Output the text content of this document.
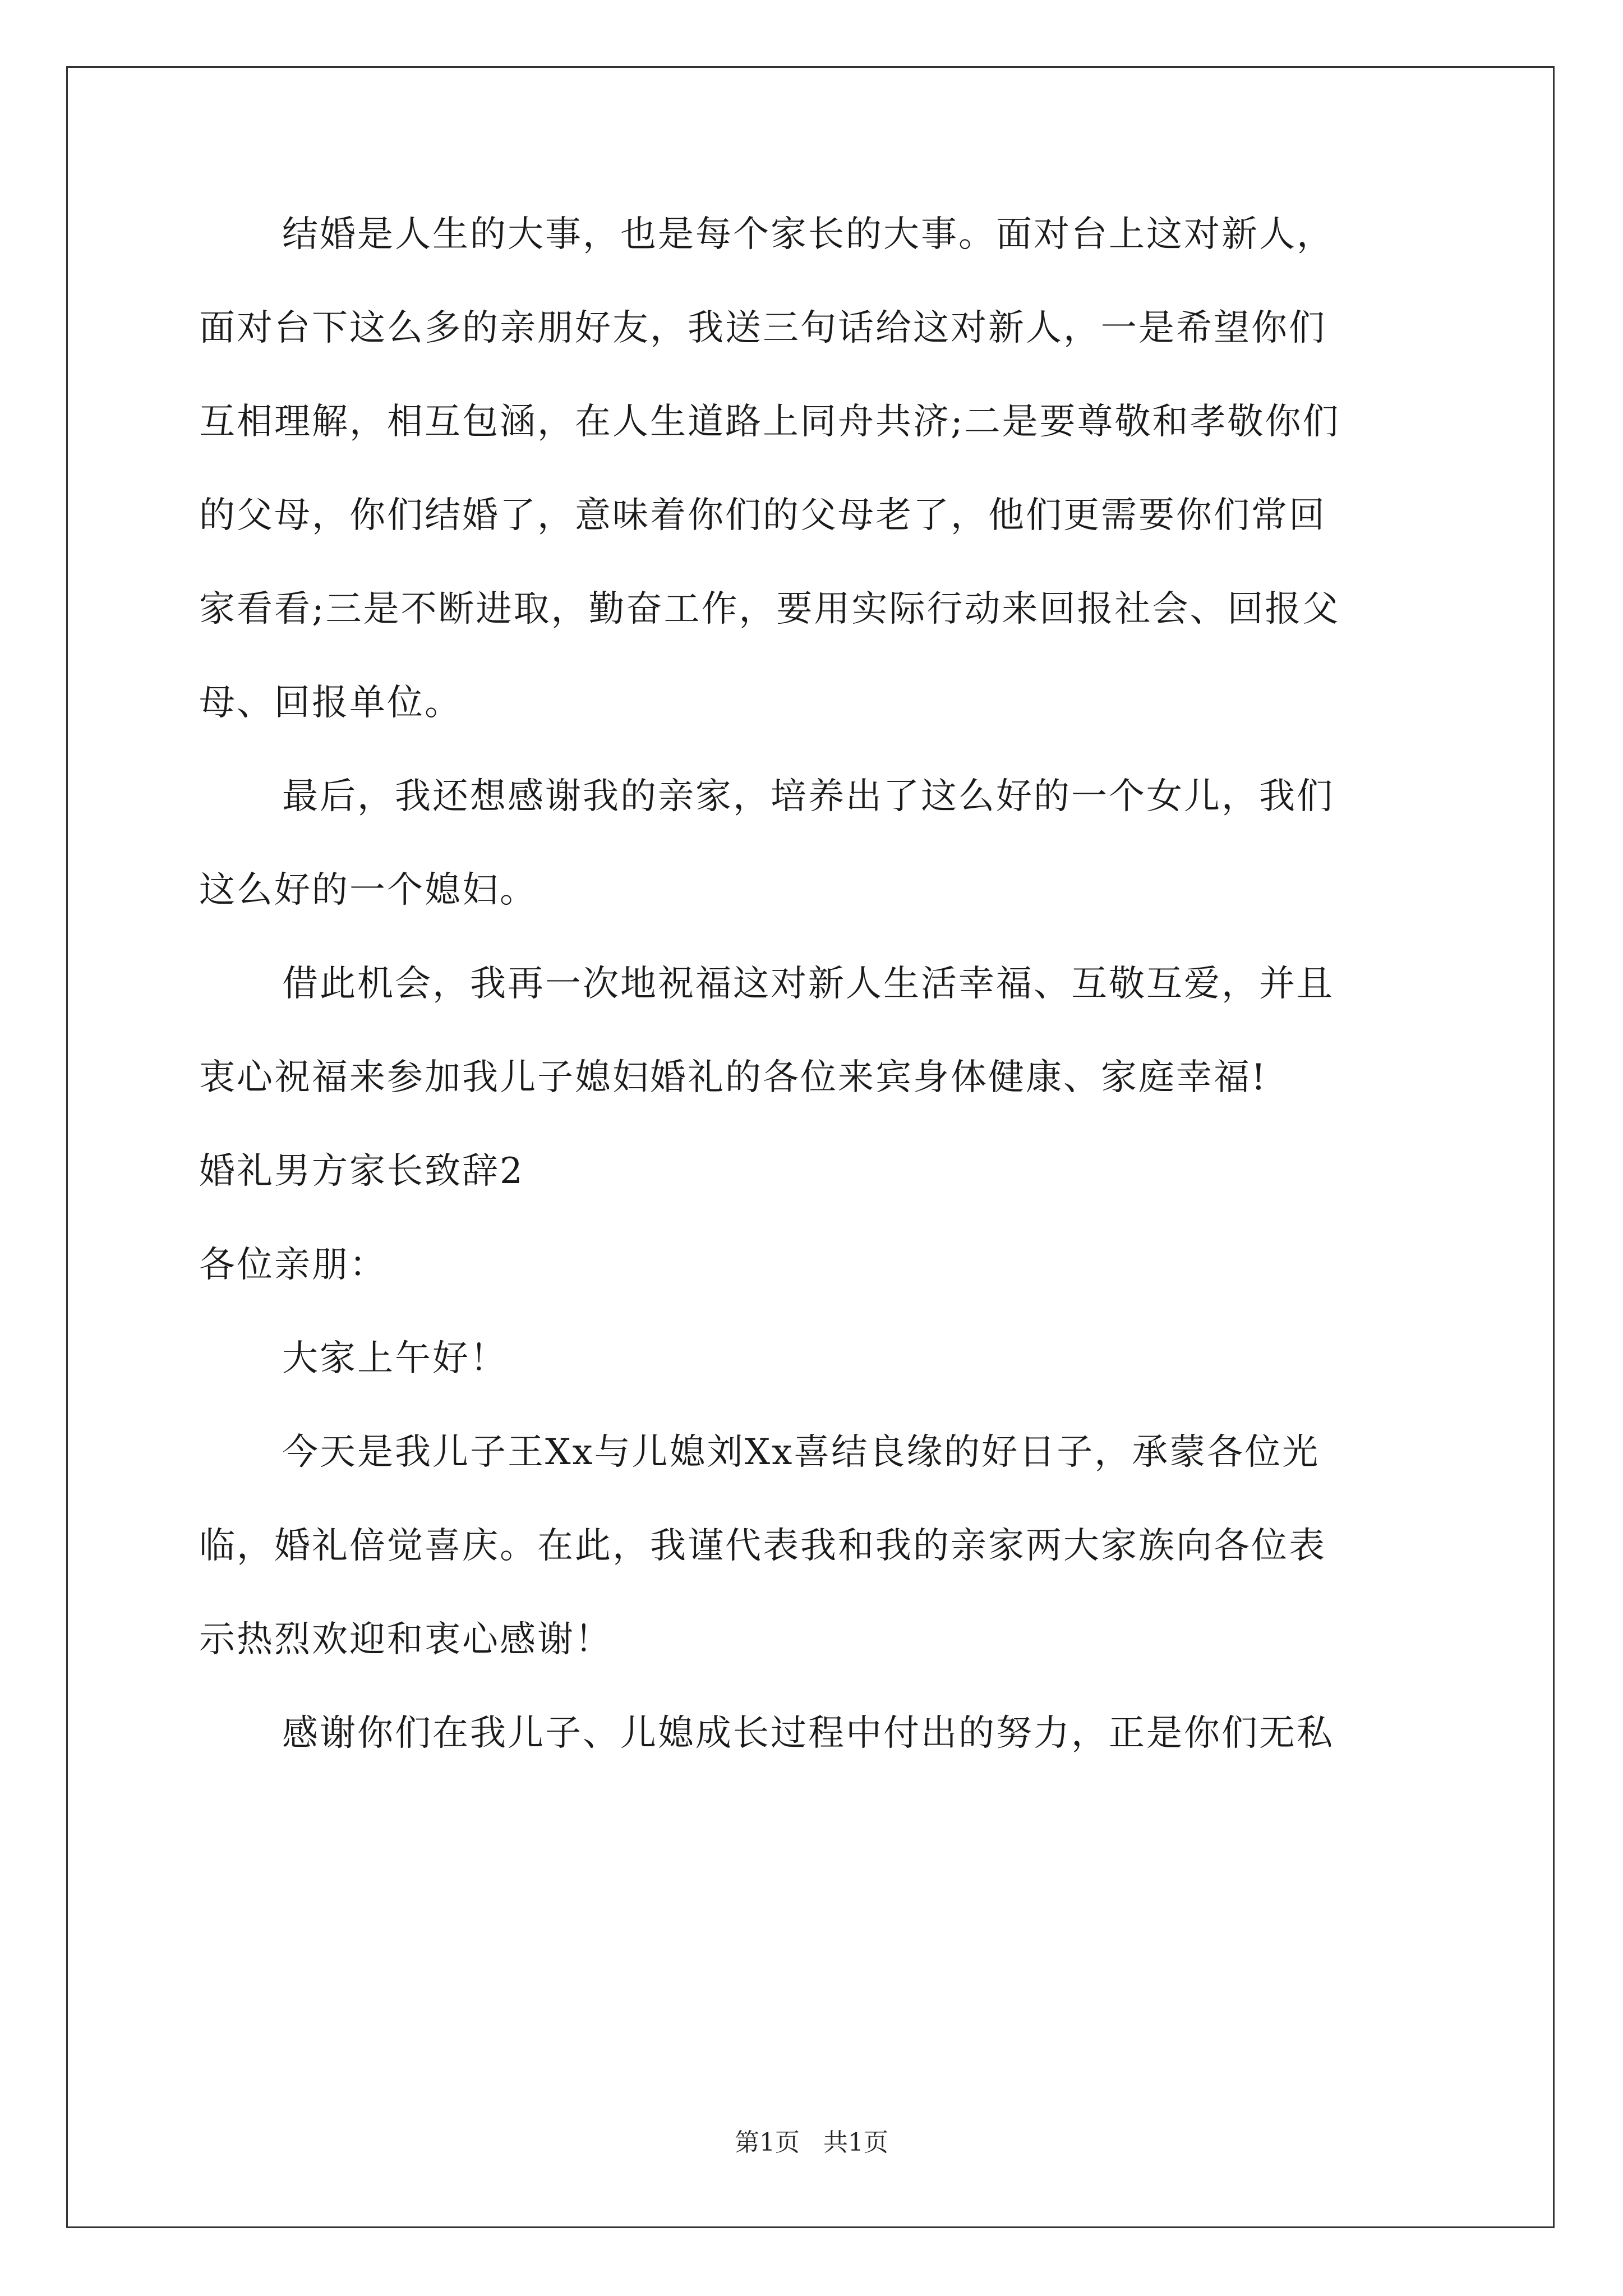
结婚是人生的大事，也是每个家长的大事。面对台上这对新人，
面对台下这么多的亲朋好友，我送三句话给这对新人，一是希望你们
互相理解，相互包涵，在人生道路上同舟共济;二是要尊敬和孝敬你们
的父母，你们结婚了，意味着你们的父母老了，他们更需要你们常回
家看看;三是不断进取，勤奋工作，要用实际行动来回报社会、回报父
母、回报单位。
最后，我还想感谢我的亲家，培养出了这么好的一个女儿，我们
这么好的一个媳妇。
借此机会，我再一次地祝福这对新人生活幸福、互敬互爱，并且
衷心祝福来参加我儿子媳妇婚礼的各位来宾身体健康、家庭幸福!
婚礼男方家长致辞2
各位亲朋：
大家上午好！
今天是我儿子王Xx与儿媳刘Xx喜结良缘的好日子，承蒙各位光
临，婚礼倍觉喜庆。在此，我谨代表我和我的亲家两大家族向各位表
示热烈欢迎和衷心感谢！
感谢你们在我儿子、儿媳成长过程中付出的努力，正是你们无私
第1页 共1页
